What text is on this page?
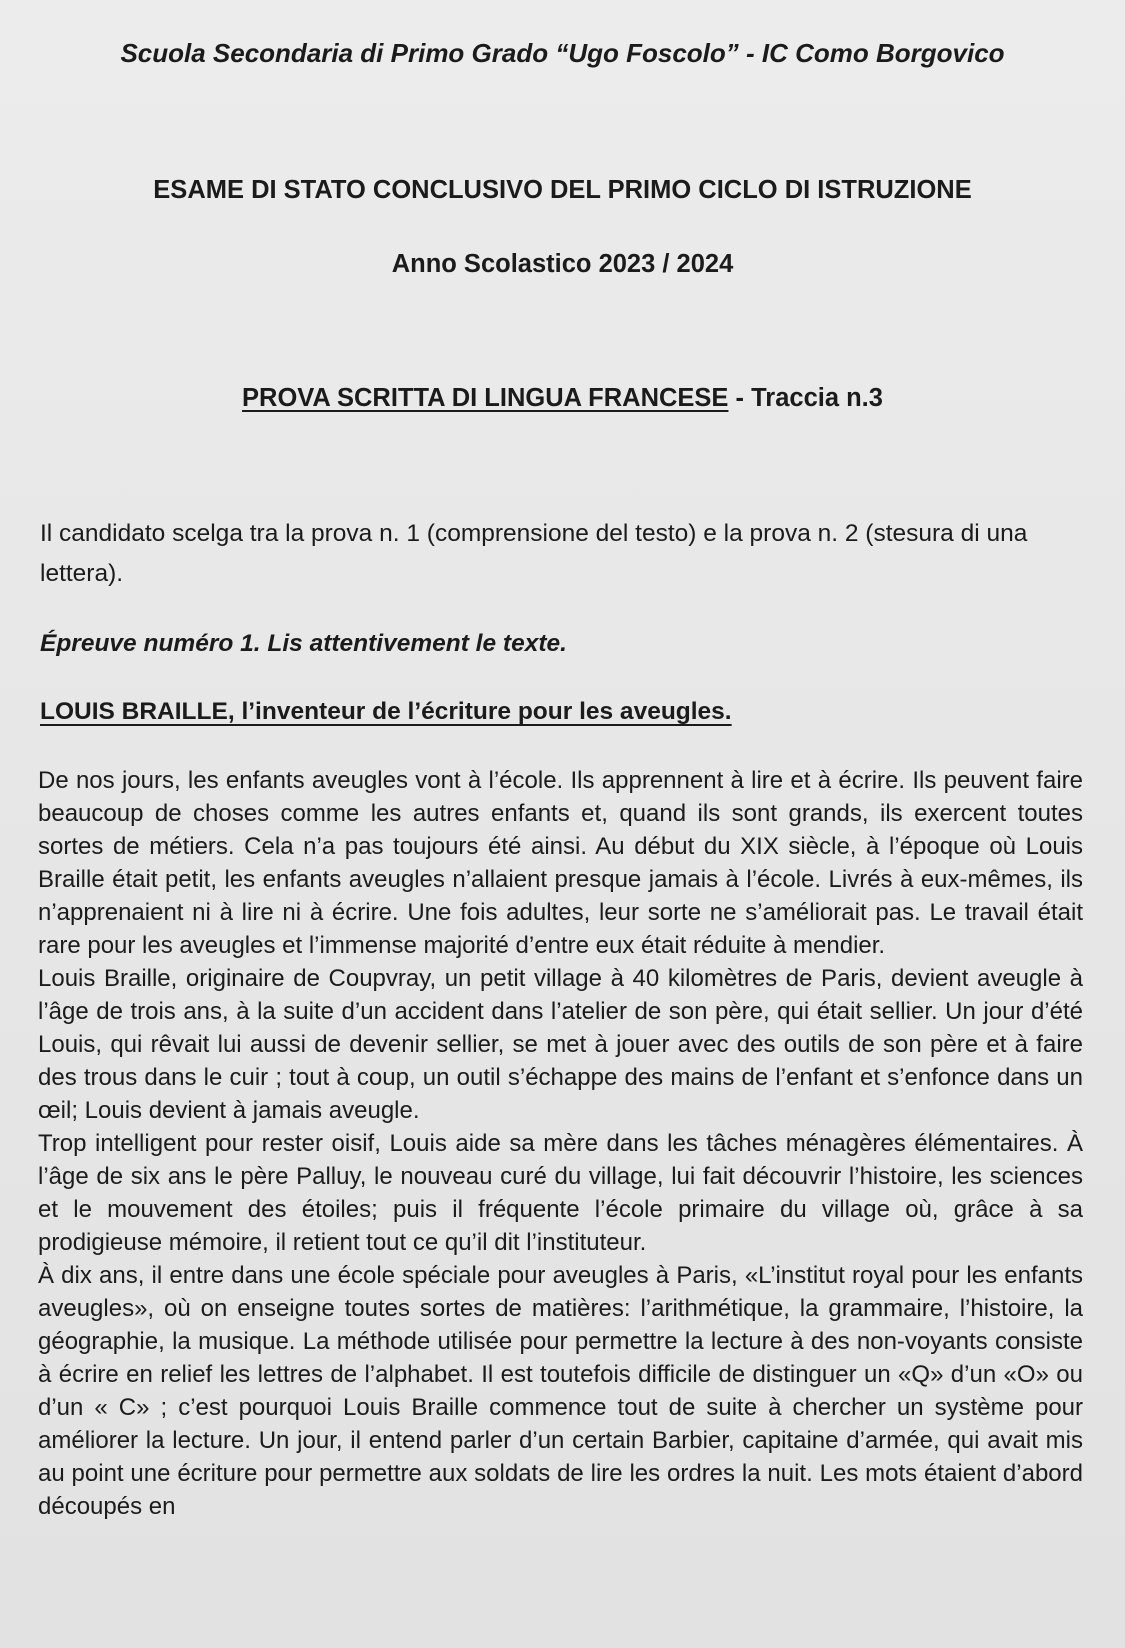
Scuola Secondaria di Primo Grado “Ugo Foscolo” - IC Como Borgovico
ESAME DI STATO CONCLUSIVO DEL PRIMO CICLO DI ISTRUZIONE
Anno Scolastico 2023 / 2024
PROVA SCRITTA DI LINGUA FRANCESE - Traccia n.3
Il candidato scelga tra la prova n. 1 (comprensione del testo) e la prova n. 2 (stesura di una lettera).
Épreuve numéro 1. Lis attentivement le texte.
LOUIS BRAILLE, l’inventeur de l’écriture pour les aveugles.

De nos jours, les enfants aveugles vont à l’école. Ils apprennent à lire et à écrire. Ils peuvent faire beaucoup de choses comme les autres enfants et, quand ils sont grands, ils exercent toutes sortes de métiers. Cela n’a pas toujours été ainsi. Au début du XIX siècle, à l’époque où Louis Braille était petit, les enfants aveugles n’allaient presque jamais à l’école. Livrés à eux-mêmes, ils n’apprenaient ni à lire ni à écrire. Une fois adultes, leur sorte ne s’améliorait pas. Le travail était rare pour les aveugles et l’immense majorité d’entre eux était réduite à mendier.

Louis Braille, originaire de Coupvray, un petit village à 40 kilomètres de Paris, devient aveugle à l’âge de trois ans, à la suite d’un accident dans l’atelier de son père, qui était sellier. Un jour d’été Louis, qui rêvait lui aussi de devenir sellier, se met à jouer avec des outils de son père et à faire des trous dans le cuir ; tout à coup, un outil s’échappe des mains de l’enfant et s’enfonce dans un œil; Louis devient à jamais aveugle.

Trop intelligent pour rester oisif, Louis aide sa mère dans les tâches ménagères élémentaires. À l’âge de six ans le père Palluy, le nouveau curé du village, lui fait découvrir l’histoire, les sciences et le mouvement des étoiles; puis il fréquente l’école primaire du village où, grâce à sa prodigieuse mémoire, il retient tout ce qu’il dit l’instituteur.

À dix ans, il entre dans une école spéciale pour aveugles à Paris, «L’institut royal pour les enfants aveugles», où on enseigne toutes sortes de matières: l’arithmétique, la grammaire, l’histoire, la géographie, la musique. La méthode utilisée pour permettre la lecture à des non-voyants consiste à écrire en relief les lettres de l’alphabet. Il est toutefois difficile de distinguer un «Q» d’un «O» ou d’un « C» ; c’est pourquoi Louis Braille commence tout de suite à chercher un système pour améliorer la lecture. Un jour, il entend parler d’un certain Barbier, capitaine d’armée, qui avait mis au point une écriture pour permettre aux soldats de lire les ordres la nuit. Les mots étaient d’abord découpés en
